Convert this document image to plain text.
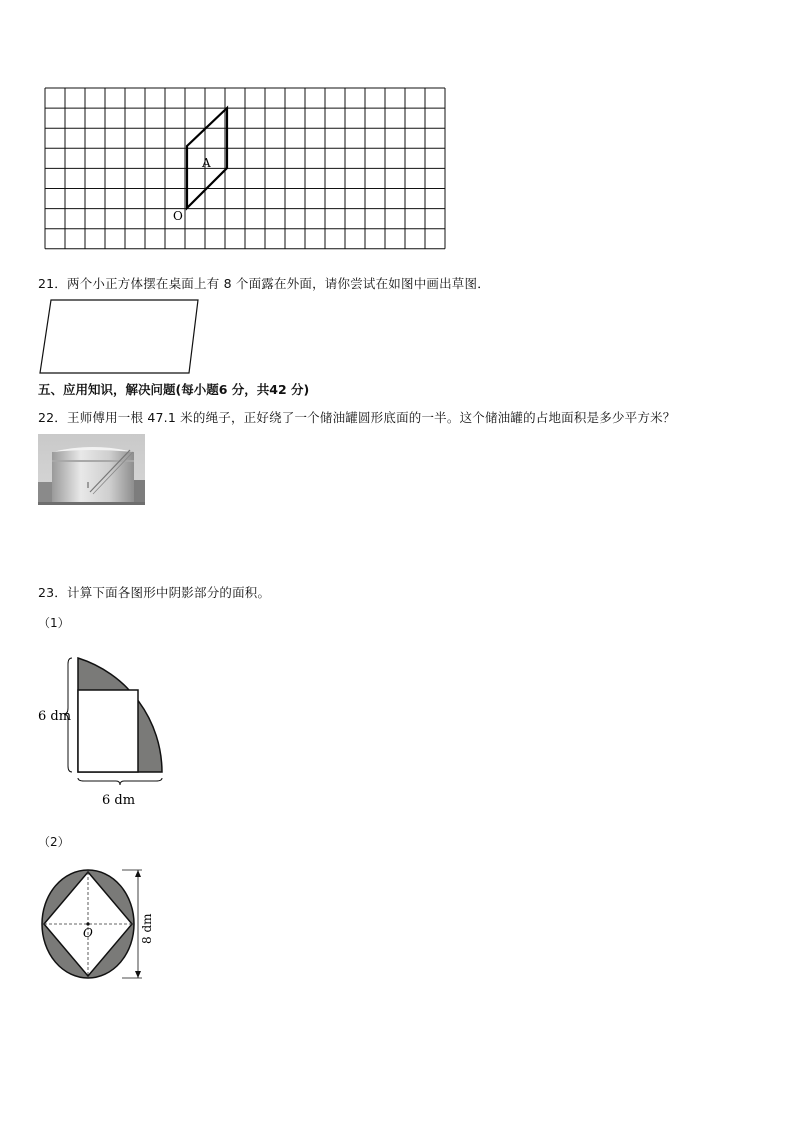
A
O
21．两个小正方体摆在桌面上有 8 个面露在外面，请你尝试在如图中画出草图．
五、应用知识，解决问题(每小题6 分，共42 分)
22．王师傅用一根 47.1 米的绳子，正好绕了一个储油罐圆形底面的一半。这个储油罐的占地面积是多少平方米？
23．计算下面各图形中阴影部分的面积。
（1）
6 dm
6 dm
（2）
O	8 dm
